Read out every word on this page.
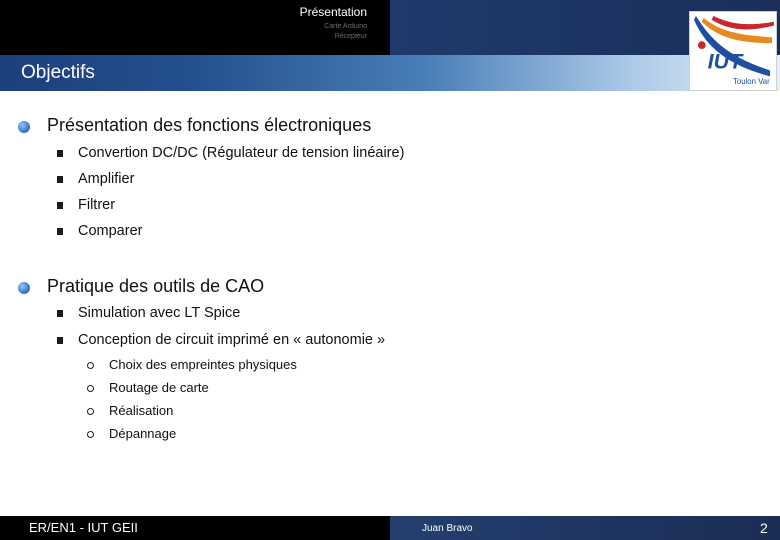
Présentation
Carte Arduino
Récepteur
Objectifs	IUT
Toulon Var
Présentation des fonctions électroniques
Convertion DC/DC (Régulateur de tension linéaire)
Amplifier
Filtrer
Comparer
Pratique des outils de CAO
Simulation avec LT Spice
Conception de circuit imprimé en « autonomie »
Choix des empreintes physiques
Routage de carte
Réalisation
Dépannage
ER/EN1 - IUT GEII	Juan Bravo	2
